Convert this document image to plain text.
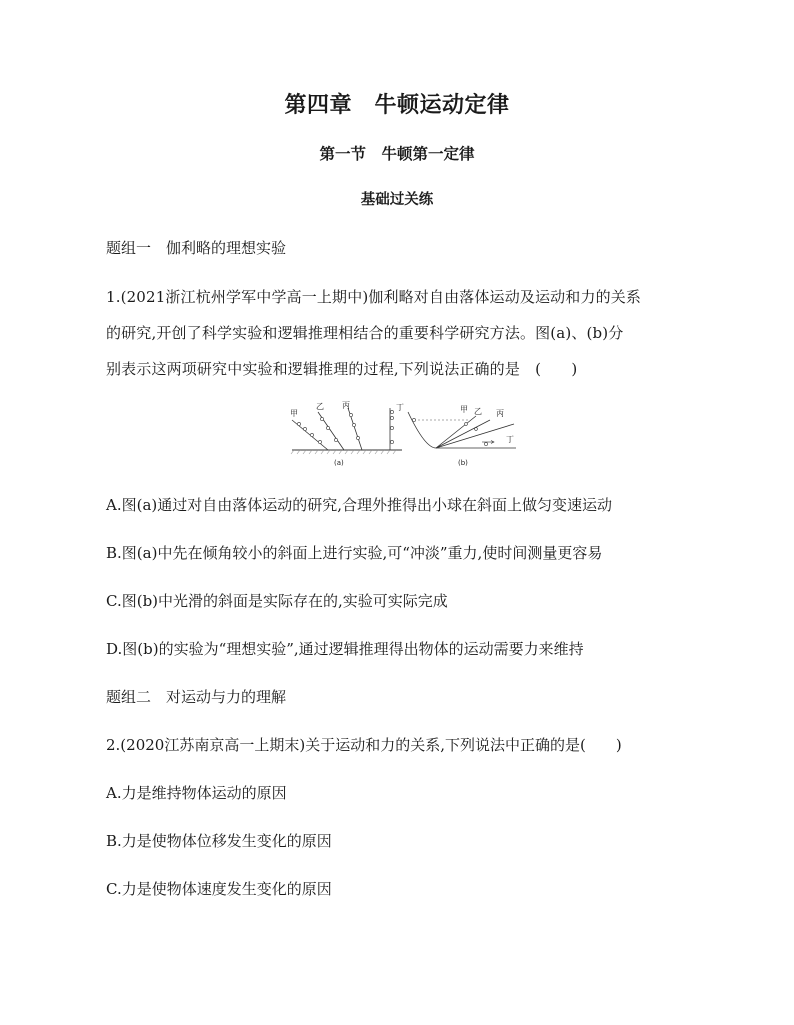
第四章　牛顿运动定律
第一节　牛顿第一定律
基础过关练
题组一　伽利略的理想实验
1.(2021浙江杭州学军中学高一上期中)伽利略对自由落体运动及运动和力的关系
的研究,开创了科学实验和逻辑推理相结合的重要科学研究方法。图(a)、(b)分
别表示这两项研究中实验和逻辑推理的过程,下列说法正确的是　(　　)
甲
乙 丙	丁
(a)
甲 乙 丙
丁
(b)
A.图(a)通过对自由落体运动的研究,合理外推得出小球在斜面上做匀变速运动
B.图(a)中先在倾角较小的斜面上进行实验,可“冲淡”重力,使时间测量更容易
C.图(b)中光滑的斜面是实际存在的,实验可实际完成
D.图(b)的实验为“理想实验”,通过逻辑推理得出物体的运动需要力来维持
题组二　对运动与力的理解
2.(2020江苏南京高一上期末)关于运动和力的关系,下列说法中正确的是(　　)
A.力是维持物体运动的原因
B.力是使物体位移发生变化的原因
C.力是使物体速度发生变化的原因
